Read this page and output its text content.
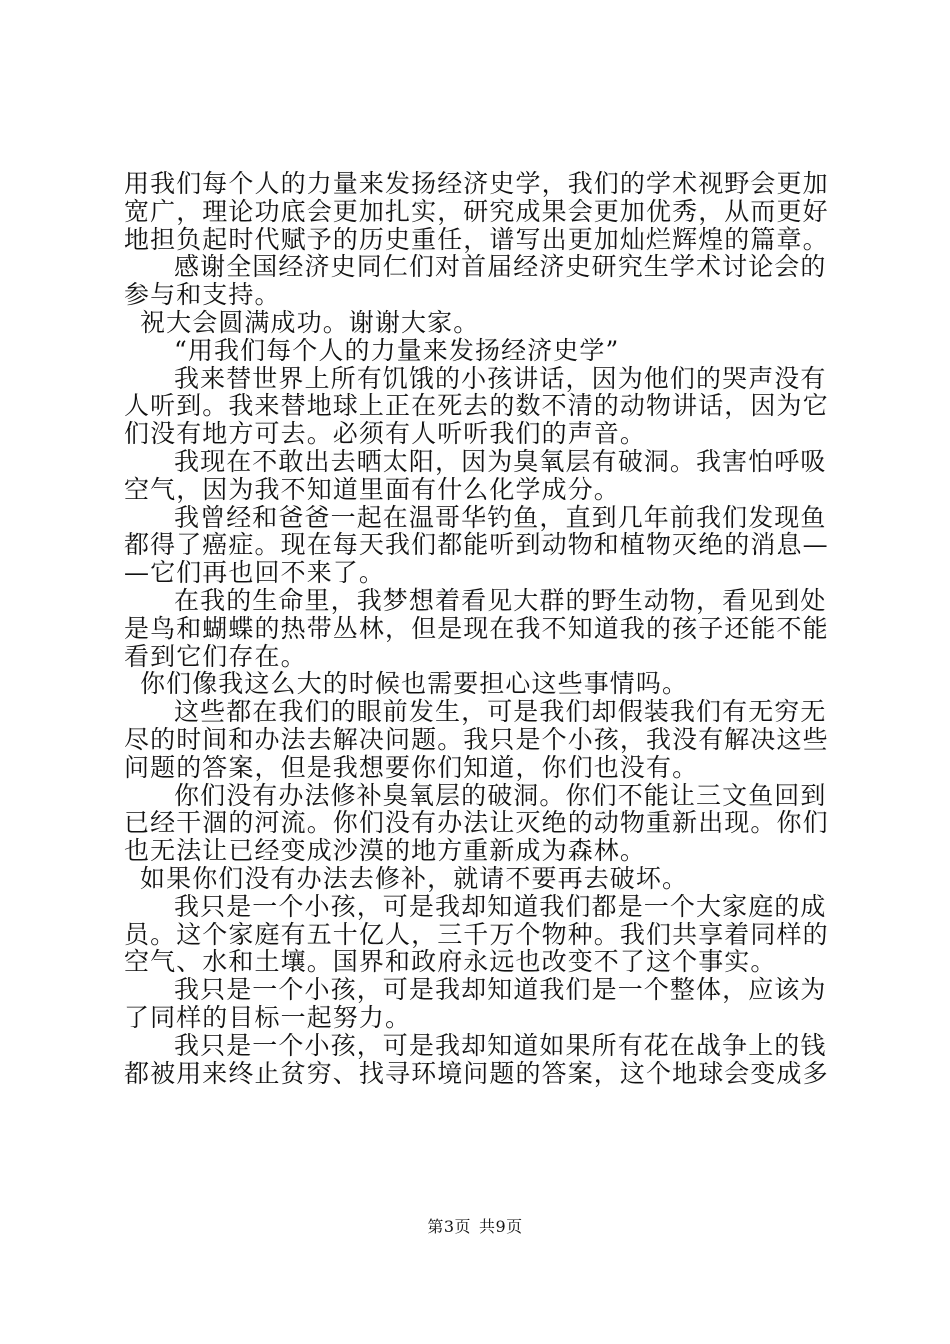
用我们每个人的力量来发扬经济史学，我们的学术视野会更加
宽广，理论功底会更加扎实，研究成果会更加优秀，从而更好
地担负起时代赋予的历史重任，谱写出更加灿烂辉煌的篇章。
感谢全国经济史同仁们对首届经济史研究生学术讨论会的
参与和支持。
祝大会圆满成功。谢谢大家。
“用我们每个人的力量来发扬经济史学”
我来替世界上所有饥饿的小孩讲话，因为他们的哭声没有
人听到。我来替地球上正在死去的数不清的动物讲话，因为它
们没有地方可去。必须有人听听我们的声音。
我现在不敢出去晒太阳，因为臭氧层有破洞。我害怕呼吸
空气，因为我不知道里面有什么化学成分。
我曾经和爸爸一起在温哥华钓鱼，直到几年前我们发现鱼
都得了癌症。现在每天我们都能听到动物和植物灭绝的消息—
—它们再也回不来了。
在我的生命里，我梦想着看见大群的野生动物，看见到处
是鸟和蝴蝶的热带丛林，但是现在我不知道我的孩子还能不能
看到它们存在。
你们像我这么大的时候也需要担心这些事情吗。
这些都在我们的眼前发生，可是我们却假装我们有无穷无
尽的时间和办法去解决问题。我只是个小孩，我没有解决这些
问题的答案，但是我想要你们知道，你们也没有。
你们没有办法修补臭氧层的破洞。你们不能让三文鱼回到
已经干涸的河流。你们没有办法让灭绝的动物重新出现。你们
也无法让已经变成沙漠的地方重新成为森林。
如果你们没有办法去修补，就请不要再去破坏。
我只是一个小孩，可是我却知道我们都是一个大家庭的成
员。这个家庭有五十亿人，三千万个物种。我们共享着同样的
空气、水和土壤。国界和政府永远也改变不了这个事实。
我只是一个小孩，可是我却知道我们是一个整体，应该为
了同样的目标一起努力。
我只是一个小孩，可是我却知道如果所有花在战争上的钱
都被用来终止贫穷、找寻环境问题的答案，这个地球会变成多
第3页 共9页
